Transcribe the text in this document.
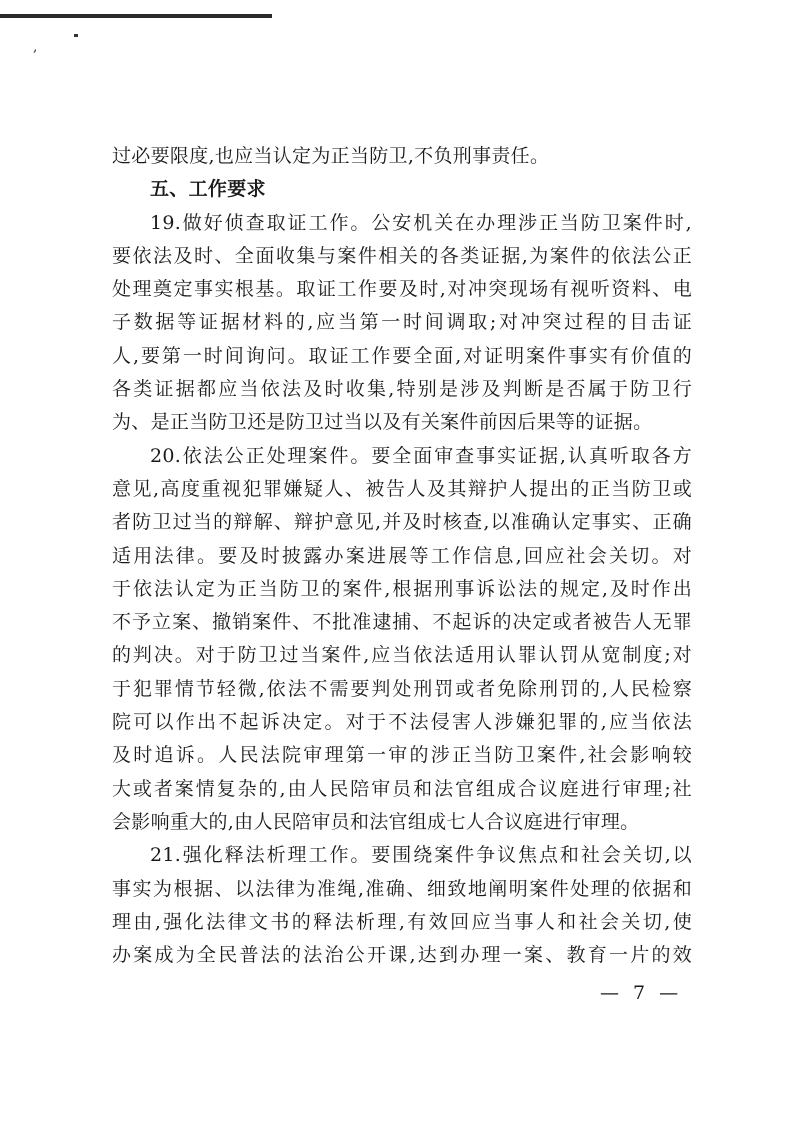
,
过必要限度,也应当认定为正当防卫,不负刑事责任。
五、工作要求
19.做好侦查取证工作。公安机关在办理涉正当防卫案件时,
要依法及时、全面收集与案件相关的各类证据,为案件的依法公正
处理奠定事实根基。取证工作要及时,对冲突现场有视听资料、电
子数据等证据材料的,应当第一时间调取;对冲突过程的目击证
人,要第一时间询问。取证工作要全面,对证明案件事实有价值的
各类证据都应当依法及时收集,特别是涉及判断是否属于防卫行
为、是正当防卫还是防卫过当以及有关案件前因后果等的证据。
20.依法公正处理案件。要全面审查事实证据,认真听取各方
意见,高度重视犯罪嫌疑人、被告人及其辩护人提出的正当防卫或
者防卫过当的辩解、辩护意见,并及时核查,以准确认定事实、正确
适用法律。要及时披露办案进展等工作信息,回应社会关切。对
于依法认定为正当防卫的案件,根据刑事诉讼法的规定,及时作出
不予立案、撤销案件、不批准逮捕、不起诉的决定或者被告人无罪
的判决。对于防卫过当案件,应当依法适用认罪认罚从宽制度;对
于犯罪情节轻微,依法不需要判处刑罚或者免除刑罚的,人民检察
院可以作出不起诉决定。对于不法侵害人涉嫌犯罪的,应当依法
及时追诉。人民法院审理第一审的涉正当防卫案件,社会影响较
大或者案情复杂的,由人民陪审员和法官组成合议庭进行审理;社
会影响重大的,由人民陪审员和法官组成七人合议庭进行审理。
21.强化释法析理工作。要围绕案件争议焦点和社会关切,以
事实为根据、以法律为准绳,准确、细致地阐明案件处理的依据和
理由,强化法律文书的释法析理,有效回应当事人和社会关切,使
办案成为全民普法的法治公开课,达到办理一案、教育一片的效
— 7 —
